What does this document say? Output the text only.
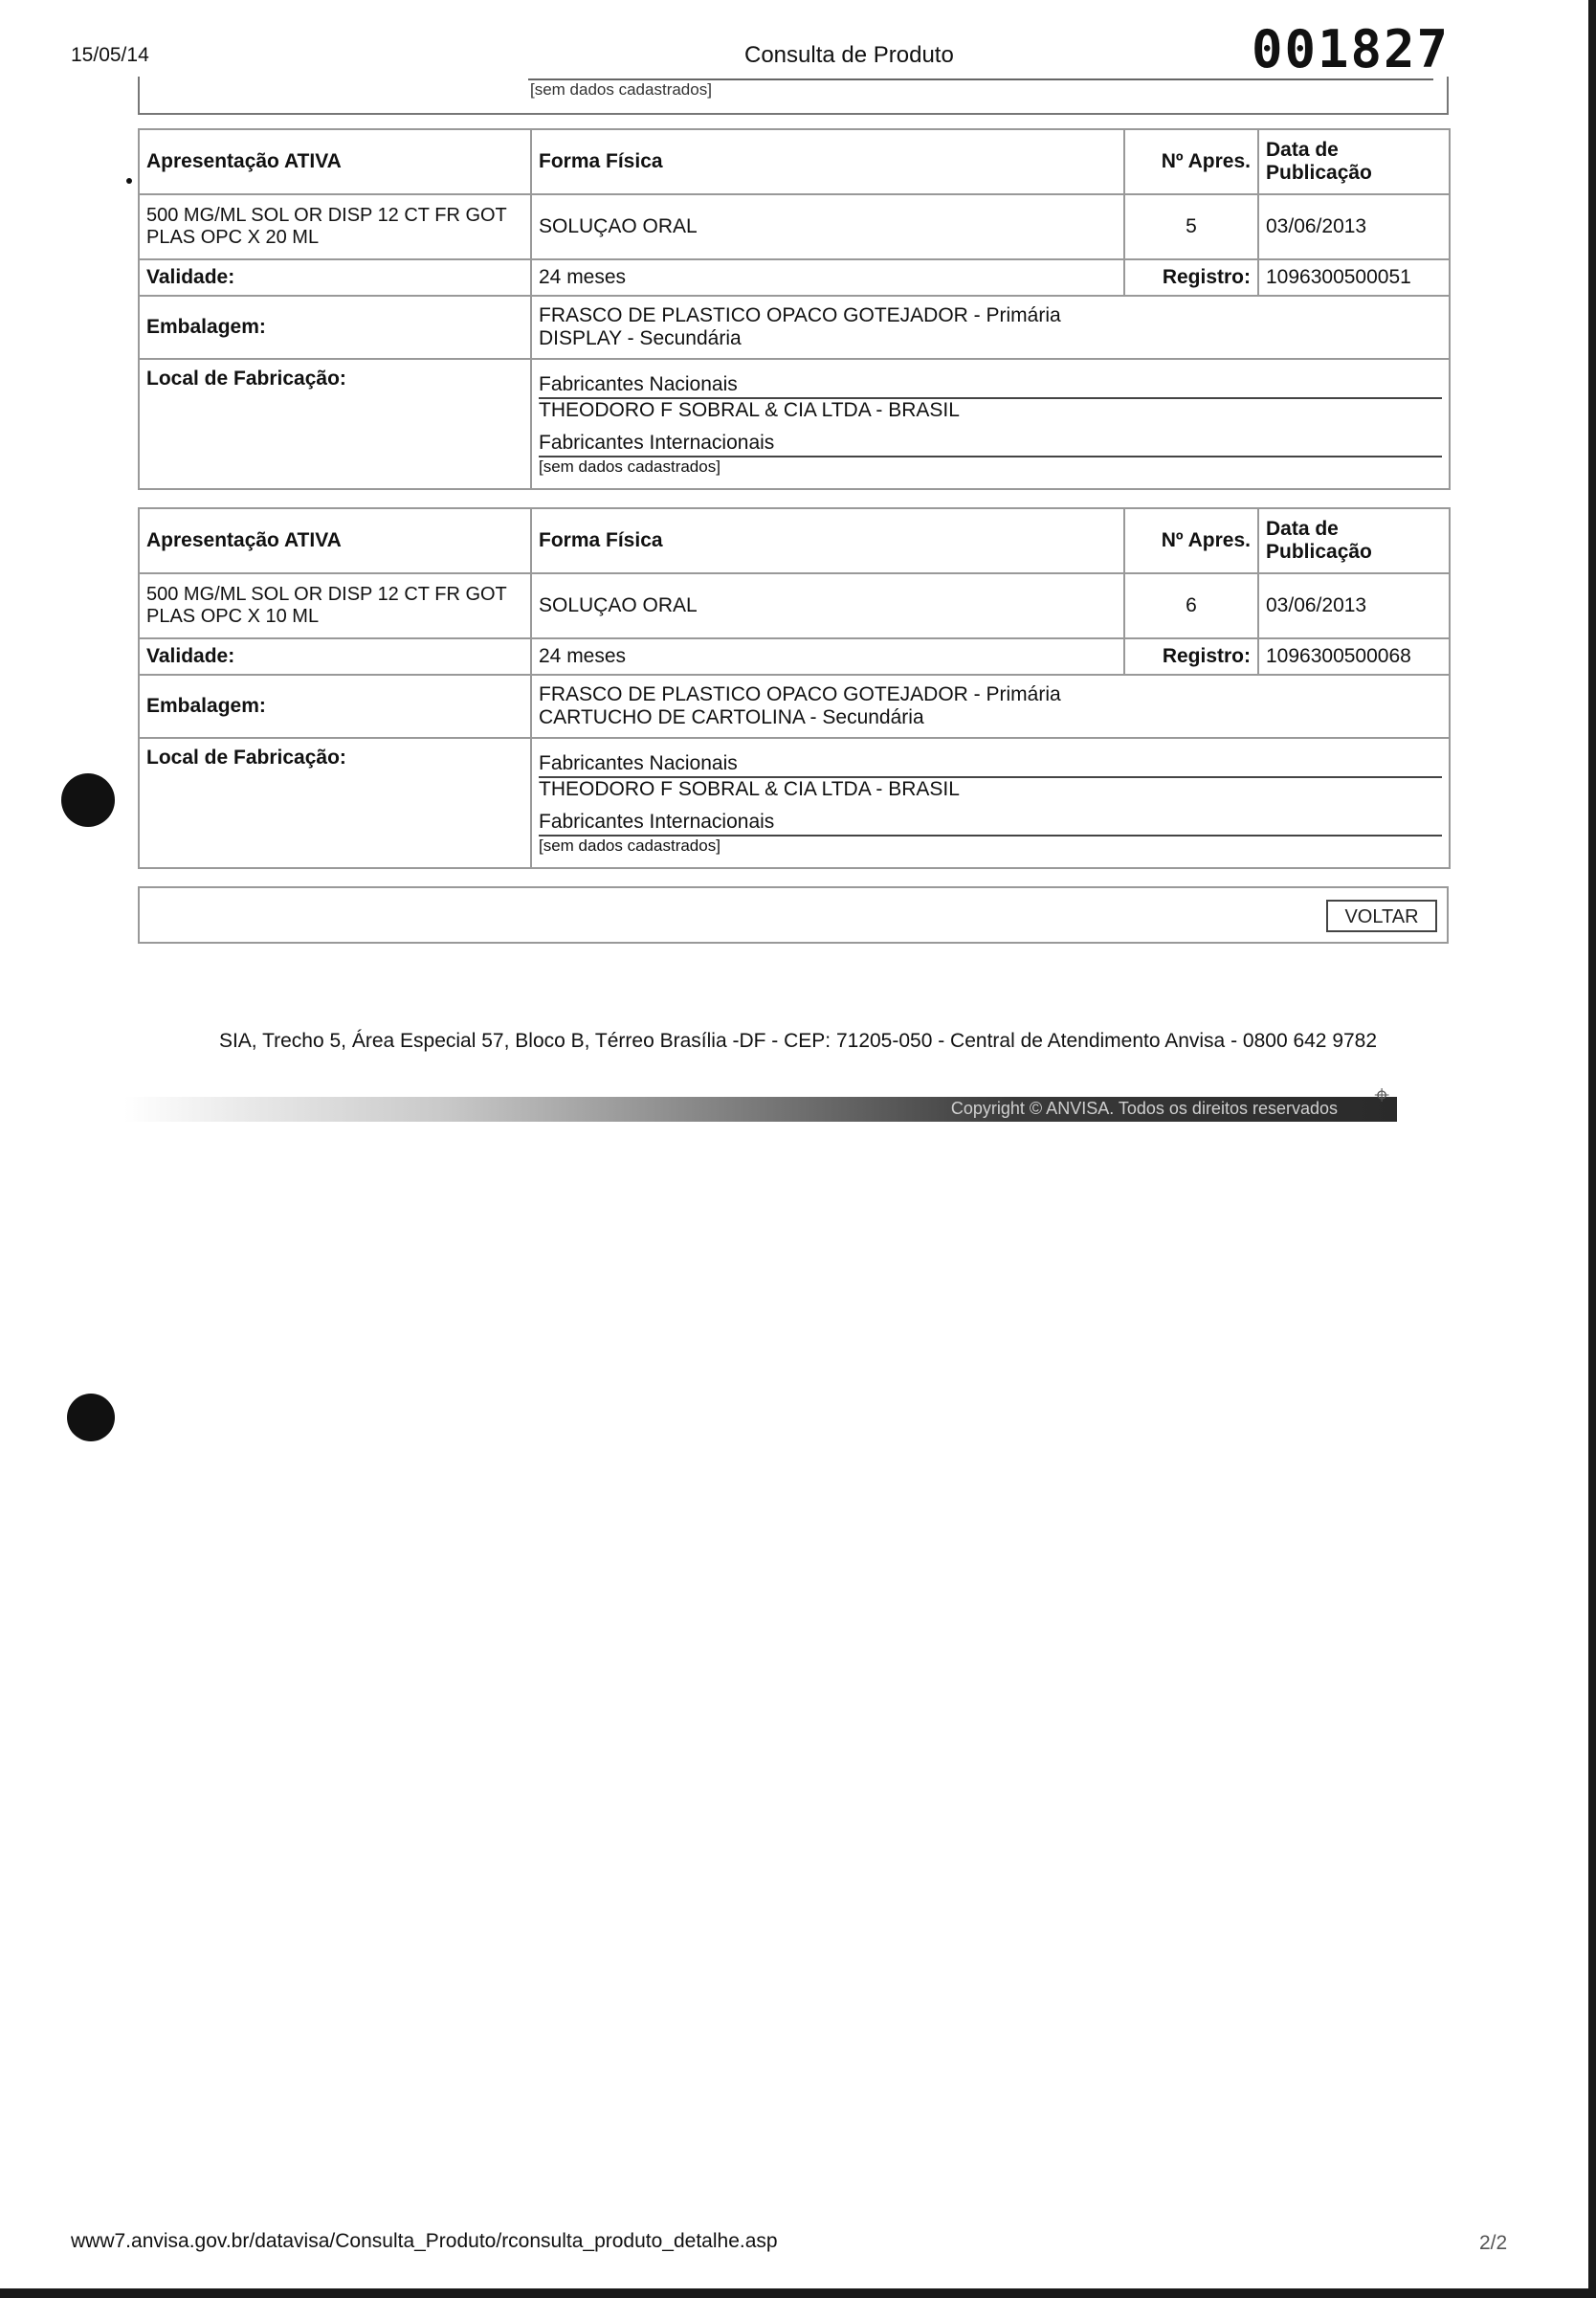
15/05/14	Consulta de Produto	001827
[sem dados cadastrados]
Apresentação ATIVA	Forma Física	Nº Apres.	Data de Publicação
500 MG/ML SOL OR DISP 12 CT FR GOT PLAS OPC X 20 ML	SOLUÇAO ORAL	5	03/06/2013
Validade:	24 meses	Registro:	1096300500051
Embalagem:	FRASCO DE PLASTICO OPACO GOTEJADOR - Primária
DISPLAY - Secundária		

Local de Fabricação:	Fabricantes Nacionais
THEODORO F SOBRAL & CIA LTDA - BRASIL
Fabricantes Internacionais
[sem dados cadastrados]		
Apresentação ATIVA	Forma Física	Nº Apres.	Data de Publicação
500 MG/ML SOL OR DISP 12 CT FR GOT PLAS OPC X 10 ML	SOLUÇAO ORAL	6	03/06/2013
Validade:	24 meses	Registro:	1096300500068
Embalagem:	FRASCO DE PLASTICO OPACO GOTEJADOR - Primária
CARTUCHO DE CARTOLINA - Secundária		

Local de Fabricação:	Fabricantes Nacionais
THEODORO F SOBRAL & CIA LTDA - BRASIL
Fabricantes Internacionais
[sem dados cadastrados]		
VOLTAR
SIA, Trecho 5, Área Especial 57, Bloco B, Térreo Brasília -DF - CEP: 71205-050 - Central de Atendimento Anvisa - 0800 642 9782
Copyright © ANVISA. Todos os direitos reservados ⌖
www7.anvisa.gov.br/datavisa/Consulta_Produto/rconsulta_produto_detalhe.asp	2/2
